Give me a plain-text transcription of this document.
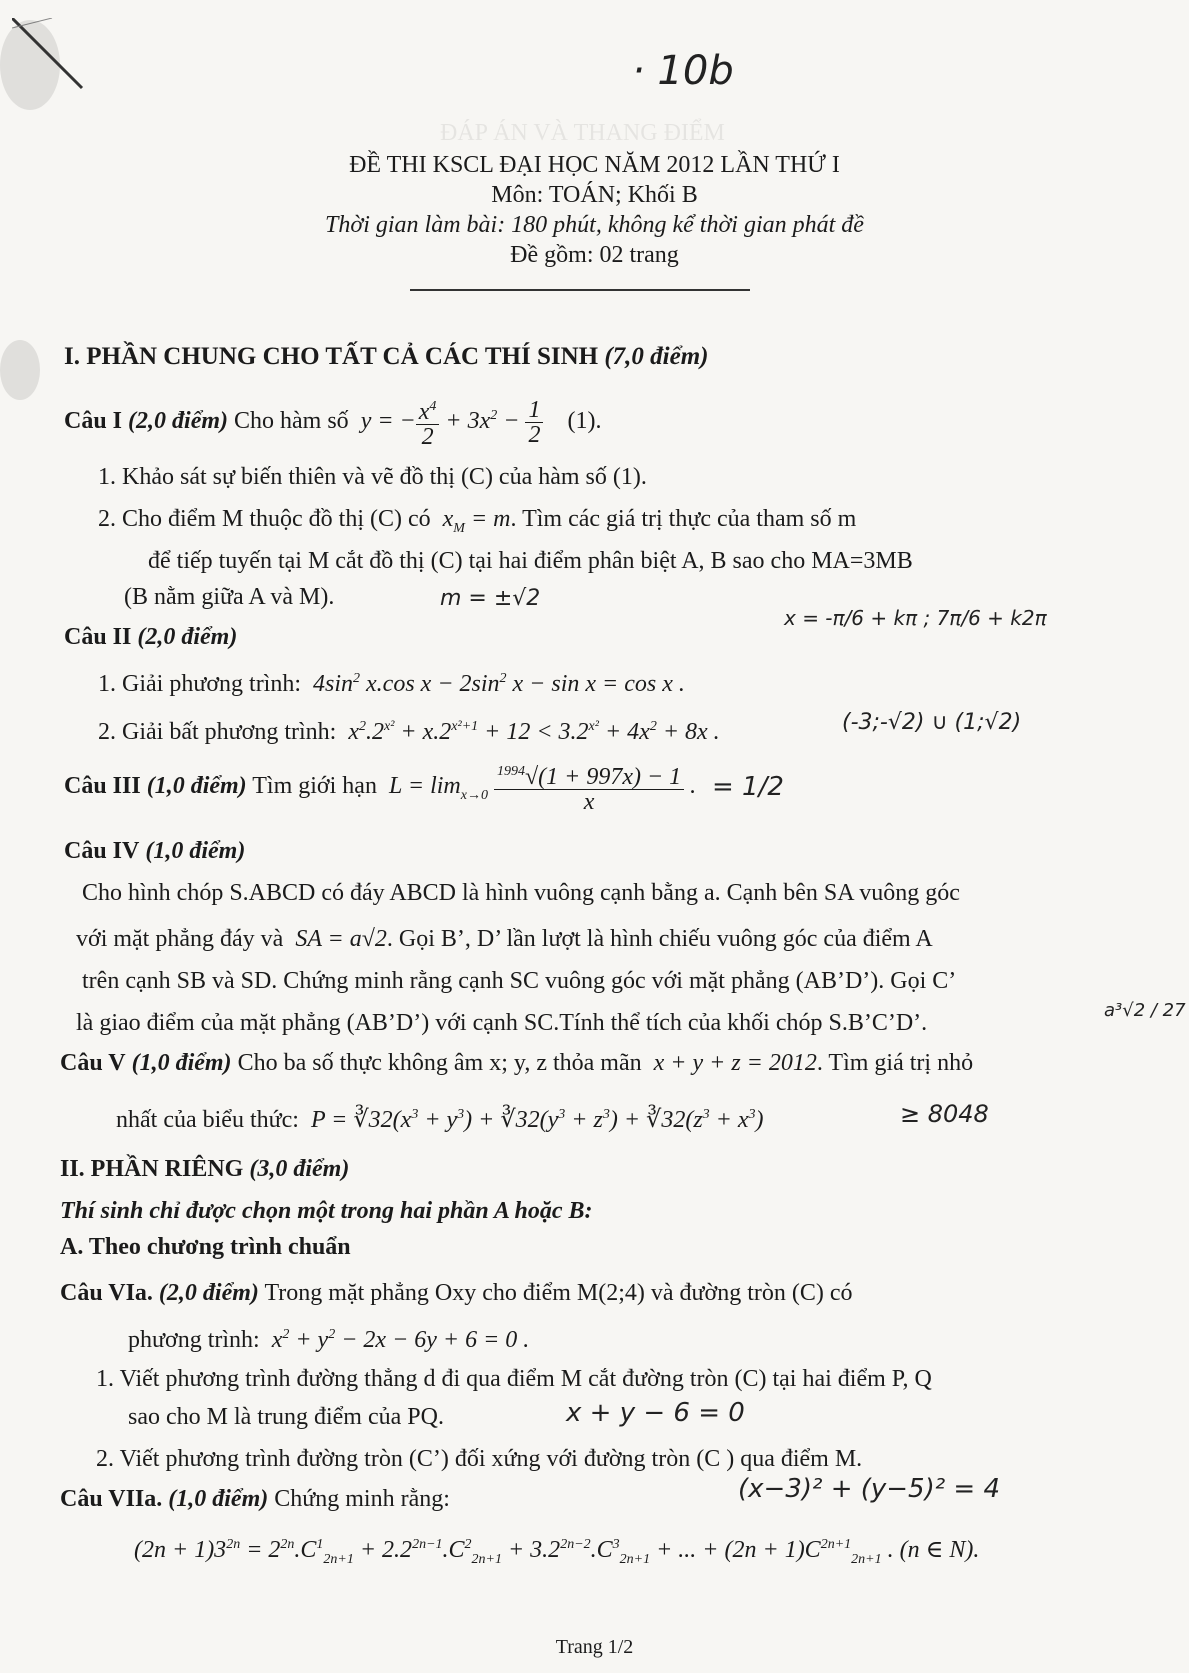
ĐÁP ÁN VÀ THANG ĐIỂM
· 10b
ĐỀ THI KSCL ĐẠI HỌC NĂM 2012 LẦN THỨ I
Môn: TOÁN; Khối B
Thời gian làm bài: 180 phút, không kể thời gian phát đề
Đề gồm: 02 trang
I. PHẦN CHUNG CHO TẤT CẢ CÁC THÍ SINH (7,0 điểm)
Câu I (2,0 điểm) Cho hàm số  y = − $\frac{x^4}{2} + 3x^2 - \frac{1}{2} (1)$.
1. Khảo sát sự biến thiên và vẽ đồ thị (C) của hàm số (1).
2. Cho điểm M thuộc đồ thị (C) có  $x_M = m$. Tìm các giá trị thực của tham số m
để tiếp tuyến tại M cắt đồ thị (C) tại hai điểm phân biệt A, B sao cho MA=3MB
(B nằm giữa A và M).	m = ±√2
Câu II (2,0 điểm)
x = -π/6 + kπ ; 7π/6 + k2π
1. Giải phương trình:  $4\sin^2$ x.cos $x - 2\sin^2$ x − sin x = cos x .
2. Giải bất phương trình:  $x^2.2^{x^2} + x.2^{x^2+1} + 12 < 3.2^{x^2} + 4x^2 + 8x$ .	(-3;-√2) ∪ (1;√2)
Câu III (1,0 điểm) Tìm giới hạn  $L = \lim_{x\to 0} \frac{^{1994}√(1 + 997x) - 1}{x}$ . = 1/2
Câu IV (1,0 điểm)
Cho hình chóp S.ABCD có đáy ABCD là hình vuông cạnh bằng a. Cạnh bên SA vuông góc
với mặt phẳng đáy và  SA = a√2. Gọi B’, D’ lần lượt là hình chiếu vuông góc của điểm A
trên cạnh SB và SD. Chứng minh rằng cạnh SC vuông góc với mặt phẳng (AB’D’). Gọi C’
là giao điểm của mặt phẳng (AB’D’) với cạnh SC.Tính thể tích của khối chóp S.B’C’D’.	a³√2 / 27
Câu V (1,0 điểm) Cho ba số thực không âm x; y, z thỏa mãn  x + y + z = 2012. Tìm giá trị nhỏ
nhất của biểu thức:  $P = ∛32(x^3 + y^3)$ + $∛32(y^3 + z^3)$ + $∛32(z^3 + x^3)$	≥ 8048
II. PHẦN RIÊNG (3,0 điểm)
Thí sinh chỉ được chọn một trong hai phần A hoặc B:
A. Theo chương trình chuẩn
Câu VIa. (2,0 điểm) Trong mặt phẳng Oxy cho điểm M(2;4) và đường tròn (C) có
phương trình:  $x^2 + y^2 - 2x - 6y + 6 = 0$ .
1. Viết phương trình đường thẳng d đi qua điểm M cắt đường tròn (C) tại hai điểm P, Q
sao cho M là trung điểm của PQ.	x + y − 6 = 0
2. Viết phương trình đường tròn (C’) đối xứng với đường tròn (C ) qua điểm M.
Câu VIIa. (1,0 điểm) Chứng minh rằng:	(x−3)² + (y−5)² = 4
$(2n + 1)3^{2n} = 2^{2n}.C^1_{2n+1} + 2.2^{2n-1}.C^2_{2n+1} + 3.2^{2n-2}.C^3_{2n+1}$ + ... + $(2n + 1)C^{2n+1}_{2n+1}$ . (n ∈ N).
Trang 1/2
